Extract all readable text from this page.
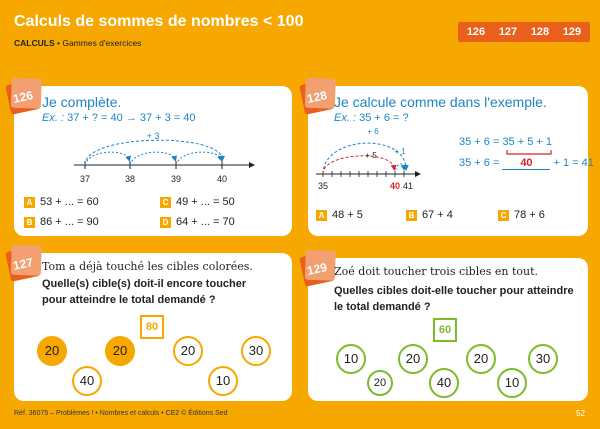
Calculs de sommes de nombres < 100
CALCULS • Gammes d'exercices
126	127	128	129
126 Je complète.
Ex. : 37 + ? = 40 → 37 + 3 = 40
+ 3
37	38	39	40
A 53 + ... = 60
B 86 + ... = 90
C 49 + ... = 50
D 64 + ... = 70
128 Je calcule comme dans l'exemple.
Ex. : 35 + 6 = ?
+ 6
+ 5 + 1
35	40 41
35 + 6 = 35 + 5 + 1
35 + 6 = 40 + 1 = 41
A 48 + 5	B 67 + 4	C 78 + 6
127 Tom a déjà touché les cibles colorées.
Quelle(s) cible(s) doit-il encore toucher
pour atteindre le total demandé ?
80
20	20	20	30
40	10
129 Zoé doit toucher trois cibles en tout.
Quelles cibles doit-elle toucher pour atteindre
le total demandé ?
60
10	20	20	30
20	40	10
Réf. 36075 – Problèmes ! • Nombres et calculs • CE2 © Éditions Sed	52
